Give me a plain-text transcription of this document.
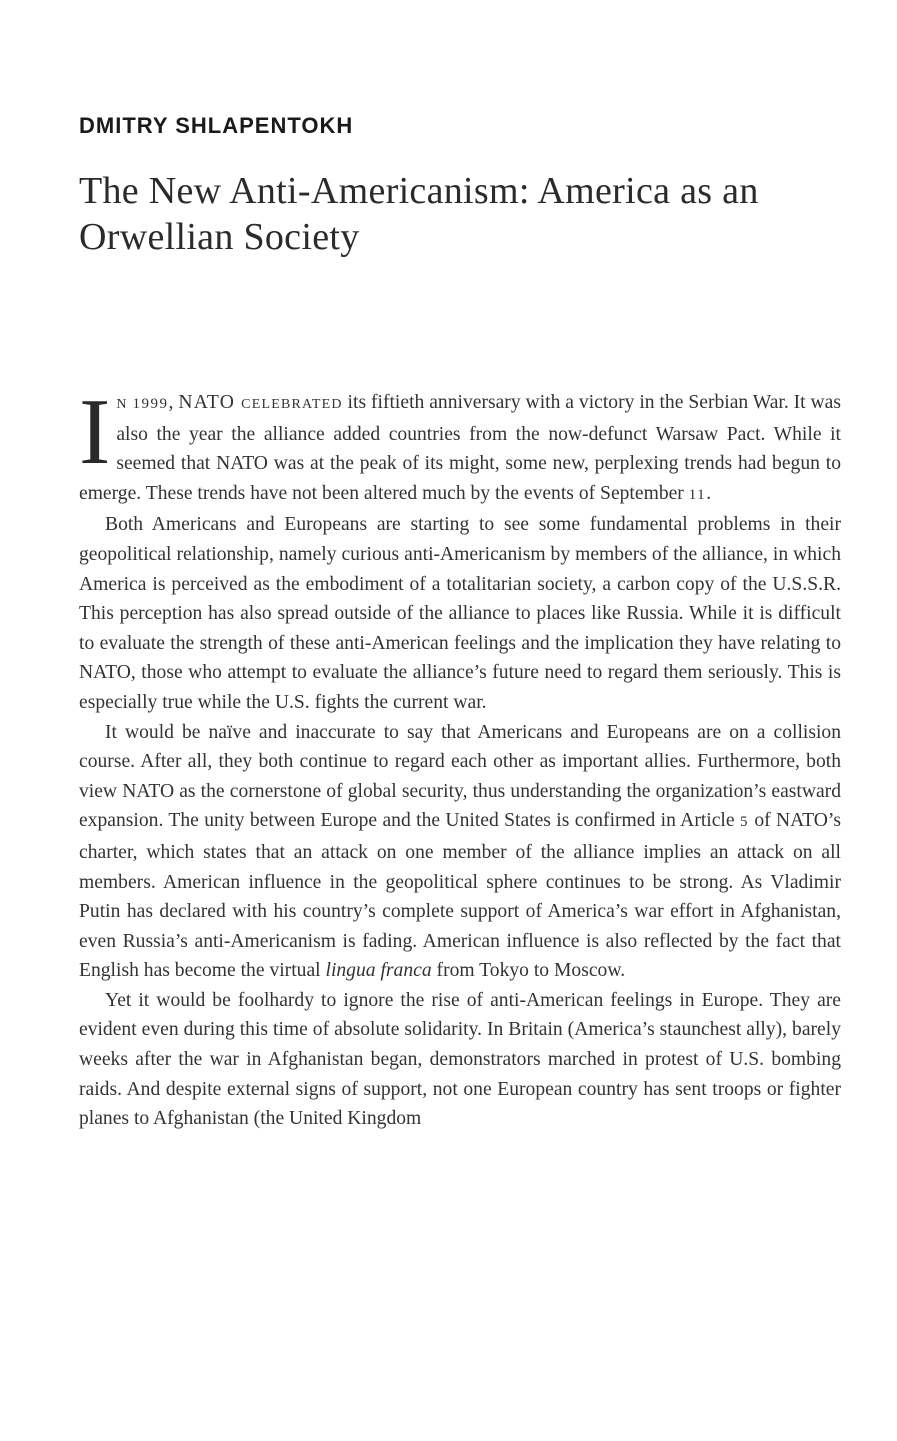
DMITRY SHLAPENTOKH
The New Anti-Americanism: America as an Orwellian Society

In 1999, NATO celebrated its fiftieth anniversary with a victory in the Serbian War. It was also the year the alliance added countries from the now-defunct Warsaw Pact. While it seemed that NATO was at the peak of its might, some new, perplexing trends had begun to emerge. These trends have not been altered much by the events of September 11.

Both Americans and Europeans are starting to see some fundamental problems in their geopolitical relationship, namely curious anti-Americanism by members of the alliance, in which America is perceived as the embodiment of a totalitarian society, a carbon copy of the U.S.S.R. This perception has also spread outside of the alliance to places like Russia. While it is difficult to evaluate the strength of these anti-American feelings and the implication they have relating to NATO, those who attempt to evaluate the alliance’s future need to regard them seriously. This is especially true while the U.S. fights the current war.

It would be naïve and inaccurate to say that Americans and Europeans are on a collision course. After all, they both continue to regard each other as important allies. Furthermore, both view NATO as the cornerstone of global security, thus understanding the organization’s eastward expansion. The unity between Europe and the United States is confirmed in Article 5 of NATO’s charter, which states that an attack on one member of the alliance implies an attack on all members. American influence in the geopolitical sphere continues to be strong. As Vladimir Putin has declared with his country’s complete support of America’s war effort in Afghanistan, even Russia’s anti-Americanism is fading. American influence is also reflected by the fact that English has become the virtual lingua franca from Tokyo to Moscow.

Yet it would be foolhardy to ignore the rise of anti-American feelings in Europe. They are evident even during this time of absolute solidarity. In Britain (America’s staunchest ally), barely weeks after the war in Afghanistan began, demonstrators marched in protest of U.S. bombing raids. And despite external signs of support, not one European country has sent troops or fighter planes to Afghanistan (the United Kingdom
